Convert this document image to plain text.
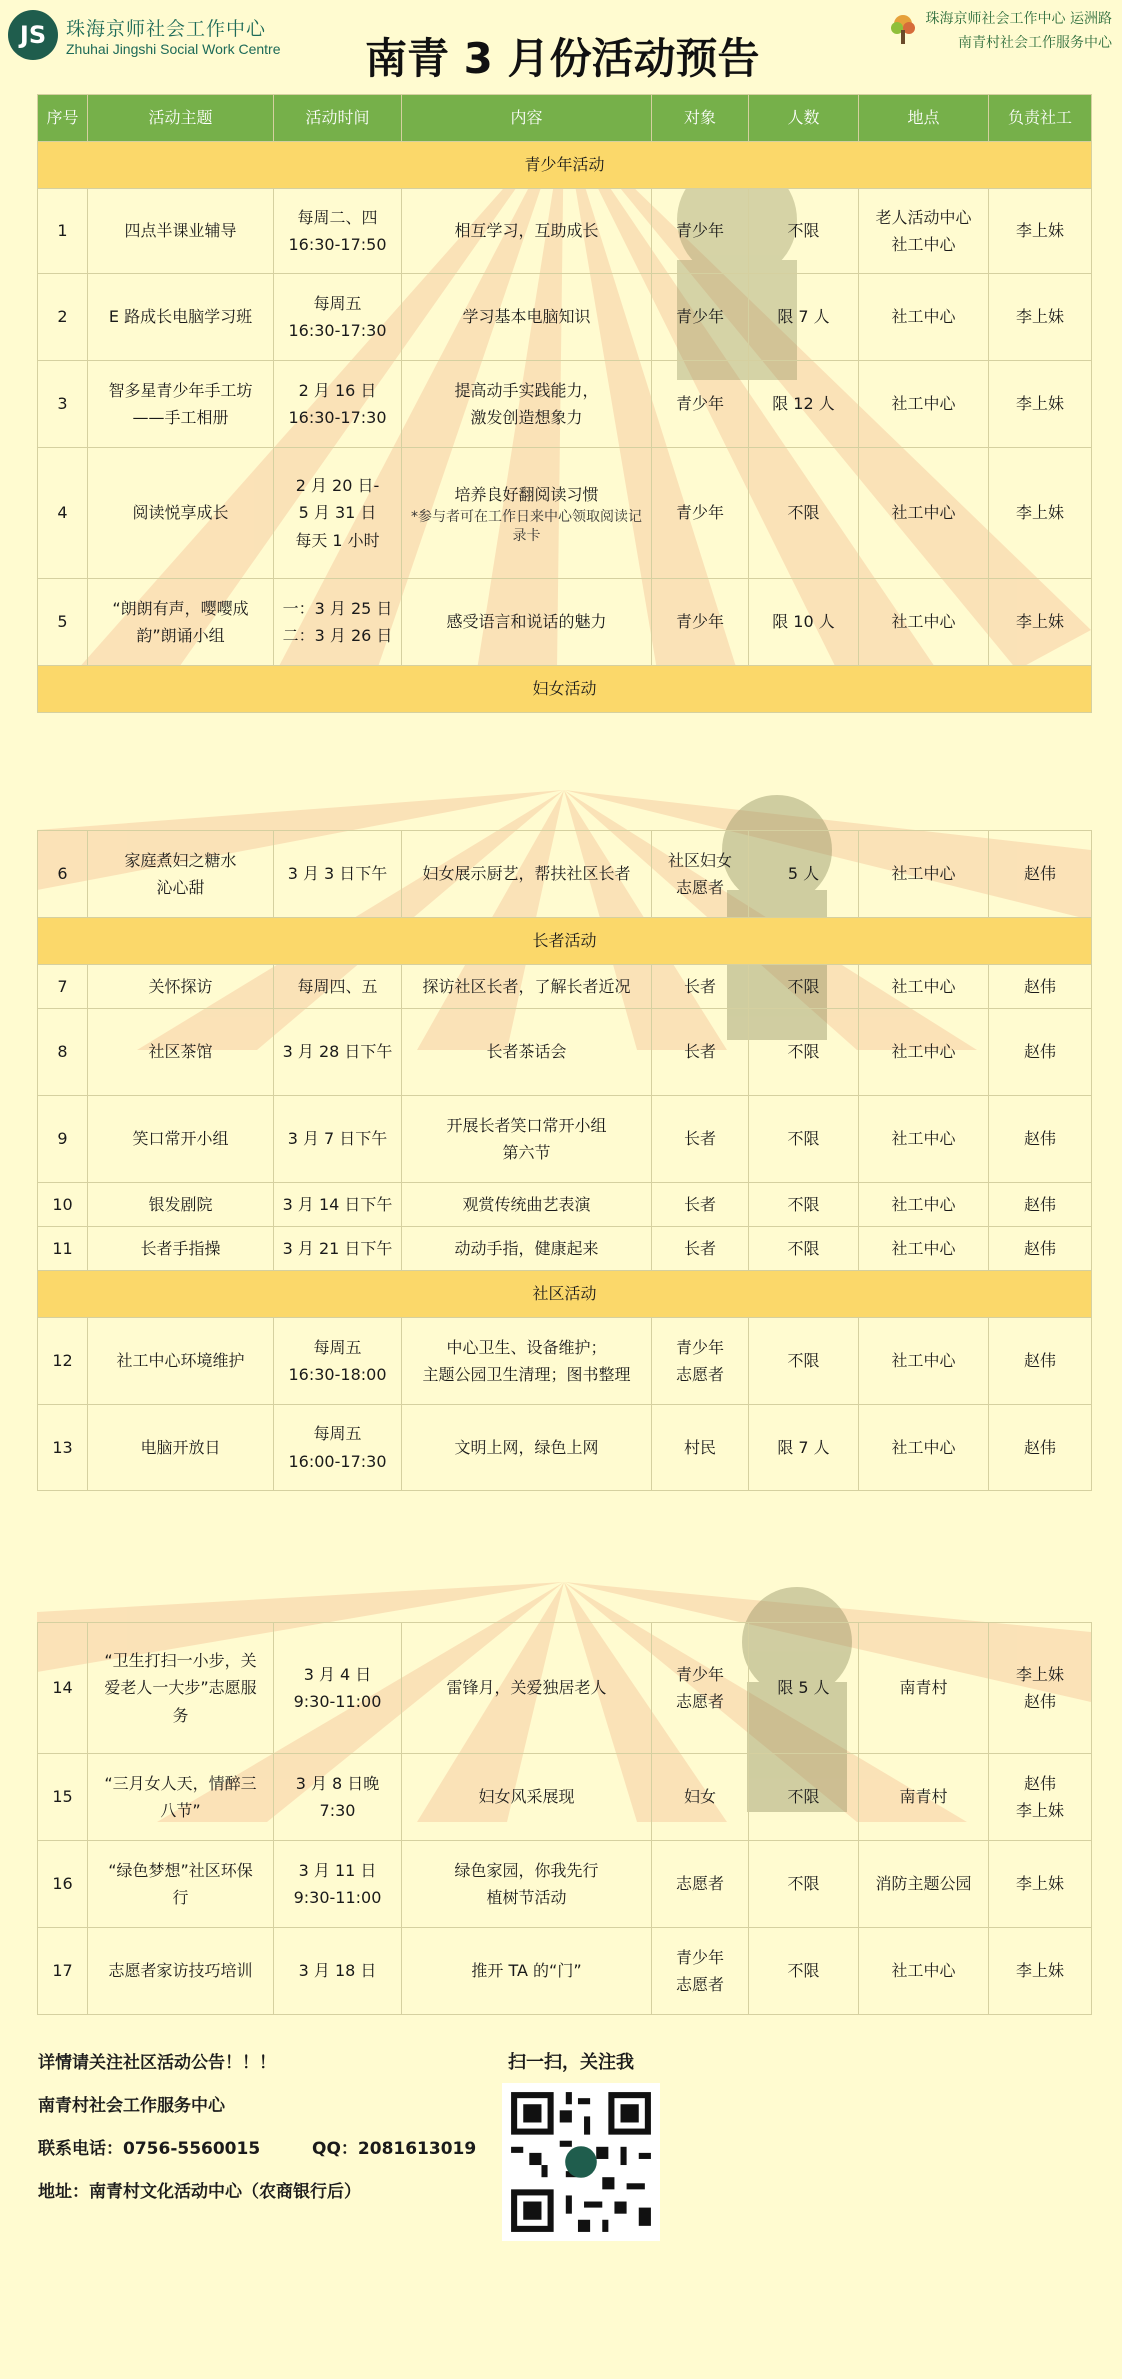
JS	珠海京师社会工作中心
Zhuhai Jingshi Social Work Centre 南青 3 月份活动预告
珠海京师社会工作中心 运洲路
南青村社会工作服务中心
序号	活动主题	活动时间	内容	对象	人数	地点	负责社工
青少年活动							
1	四点半课业辅导	每周二、四
16:30-17:50	相互学习，互助成长	青少年	不限	老人活动中心
社工中心	李上妹
2	E 路成长电脑学习班	每周五
16:30-17:30	学习基本电脑知识	青少年	限 7 人	社工中心	李上妹
3	智多星青少年手工坊
——手工相册	2 月 16 日
16:30-17:30	提高动手实践能力，
激发创造想象力	青少年	限 12 人	社工中心	李上妹
4	阅读悦享成长	2 月 20 日-
5 月 31 日
每天 1 小时	培养良好翻阅读习惯
*参与者可在工作日来中心领取阅读记录卡	青少年	不限	社工中心	李上妹
5	“朗朗有声，嘤嘤成
韵”朗诵小组	一：3 月 25 日
二：3 月 26 日	感受语言和说话的魅力	青少年	限 10 人	社工中心	李上妹
妇女活动							
6	家庭煮妇之糖水
沁心甜	3 月 3 日下午	妇女展示厨艺，帮扶社区长者	社区妇女
志愿者	5 人	社工中心	赵伟
长者活动							
7	关怀探访	每周四、五	探访社区长者，了解长者近况	长者	不限	社工中心	赵伟
8	社区茶馆	3 月 28 日下午	长者茶话会	长者	不限	社工中心	赵伟
9	笑口常开小组	3 月 7 日下午	开展长者笑口常开小组
第六节	长者	不限	社工中心	赵伟
10	银发剧院	3 月 14 日下午	观赏传统曲艺表演	长者	不限	社工中心	赵伟
11	长者手指操	3 月 21 日下午	动动手指，健康起来	长者	不限	社工中心	赵伟
社区活动							
12	社工中心环境维护	每周五
16:30-18:00	中心卫生、设备维护；
主题公园卫生清理；图书整理	青少年
志愿者	不限	社工中心	赵伟
13	电脑开放日	每周五
16:00-17:30	文明上网，绿色上网	村民	限 7 人	社工中心	赵伟
14	“卫生打扫一小步，关
爱老人一大步”志愿服
务	3 月 4 日
9:30-11:00	雷锋月，关爱独居老人	青少年
志愿者	限 5 人	南青村	李上妹
赵伟
15	“三月女人天，情醉三
八节”	3 月 8 日晚 7:30	妇女风采展现	妇女	不限	南青村	赵伟
李上妹
16	“绿色梦想”社区环保
行	3 月 11 日
9:30-11:00	绿色家园，你我先行
植树节活动	志愿者	不限	消防主题公园	李上妹
17	志愿者家访技巧培训	3 月 18 日	推开 TA 的“门”	青少年
志愿者	不限	社工中心	李上妹
详情请关注社区活动公告！！！
南青村社会工作服务中心
联系电话：0756-5560015	QQ：2081613019
地址：南青村文化活动中心（农商银行后）
扫一扫，关注我
